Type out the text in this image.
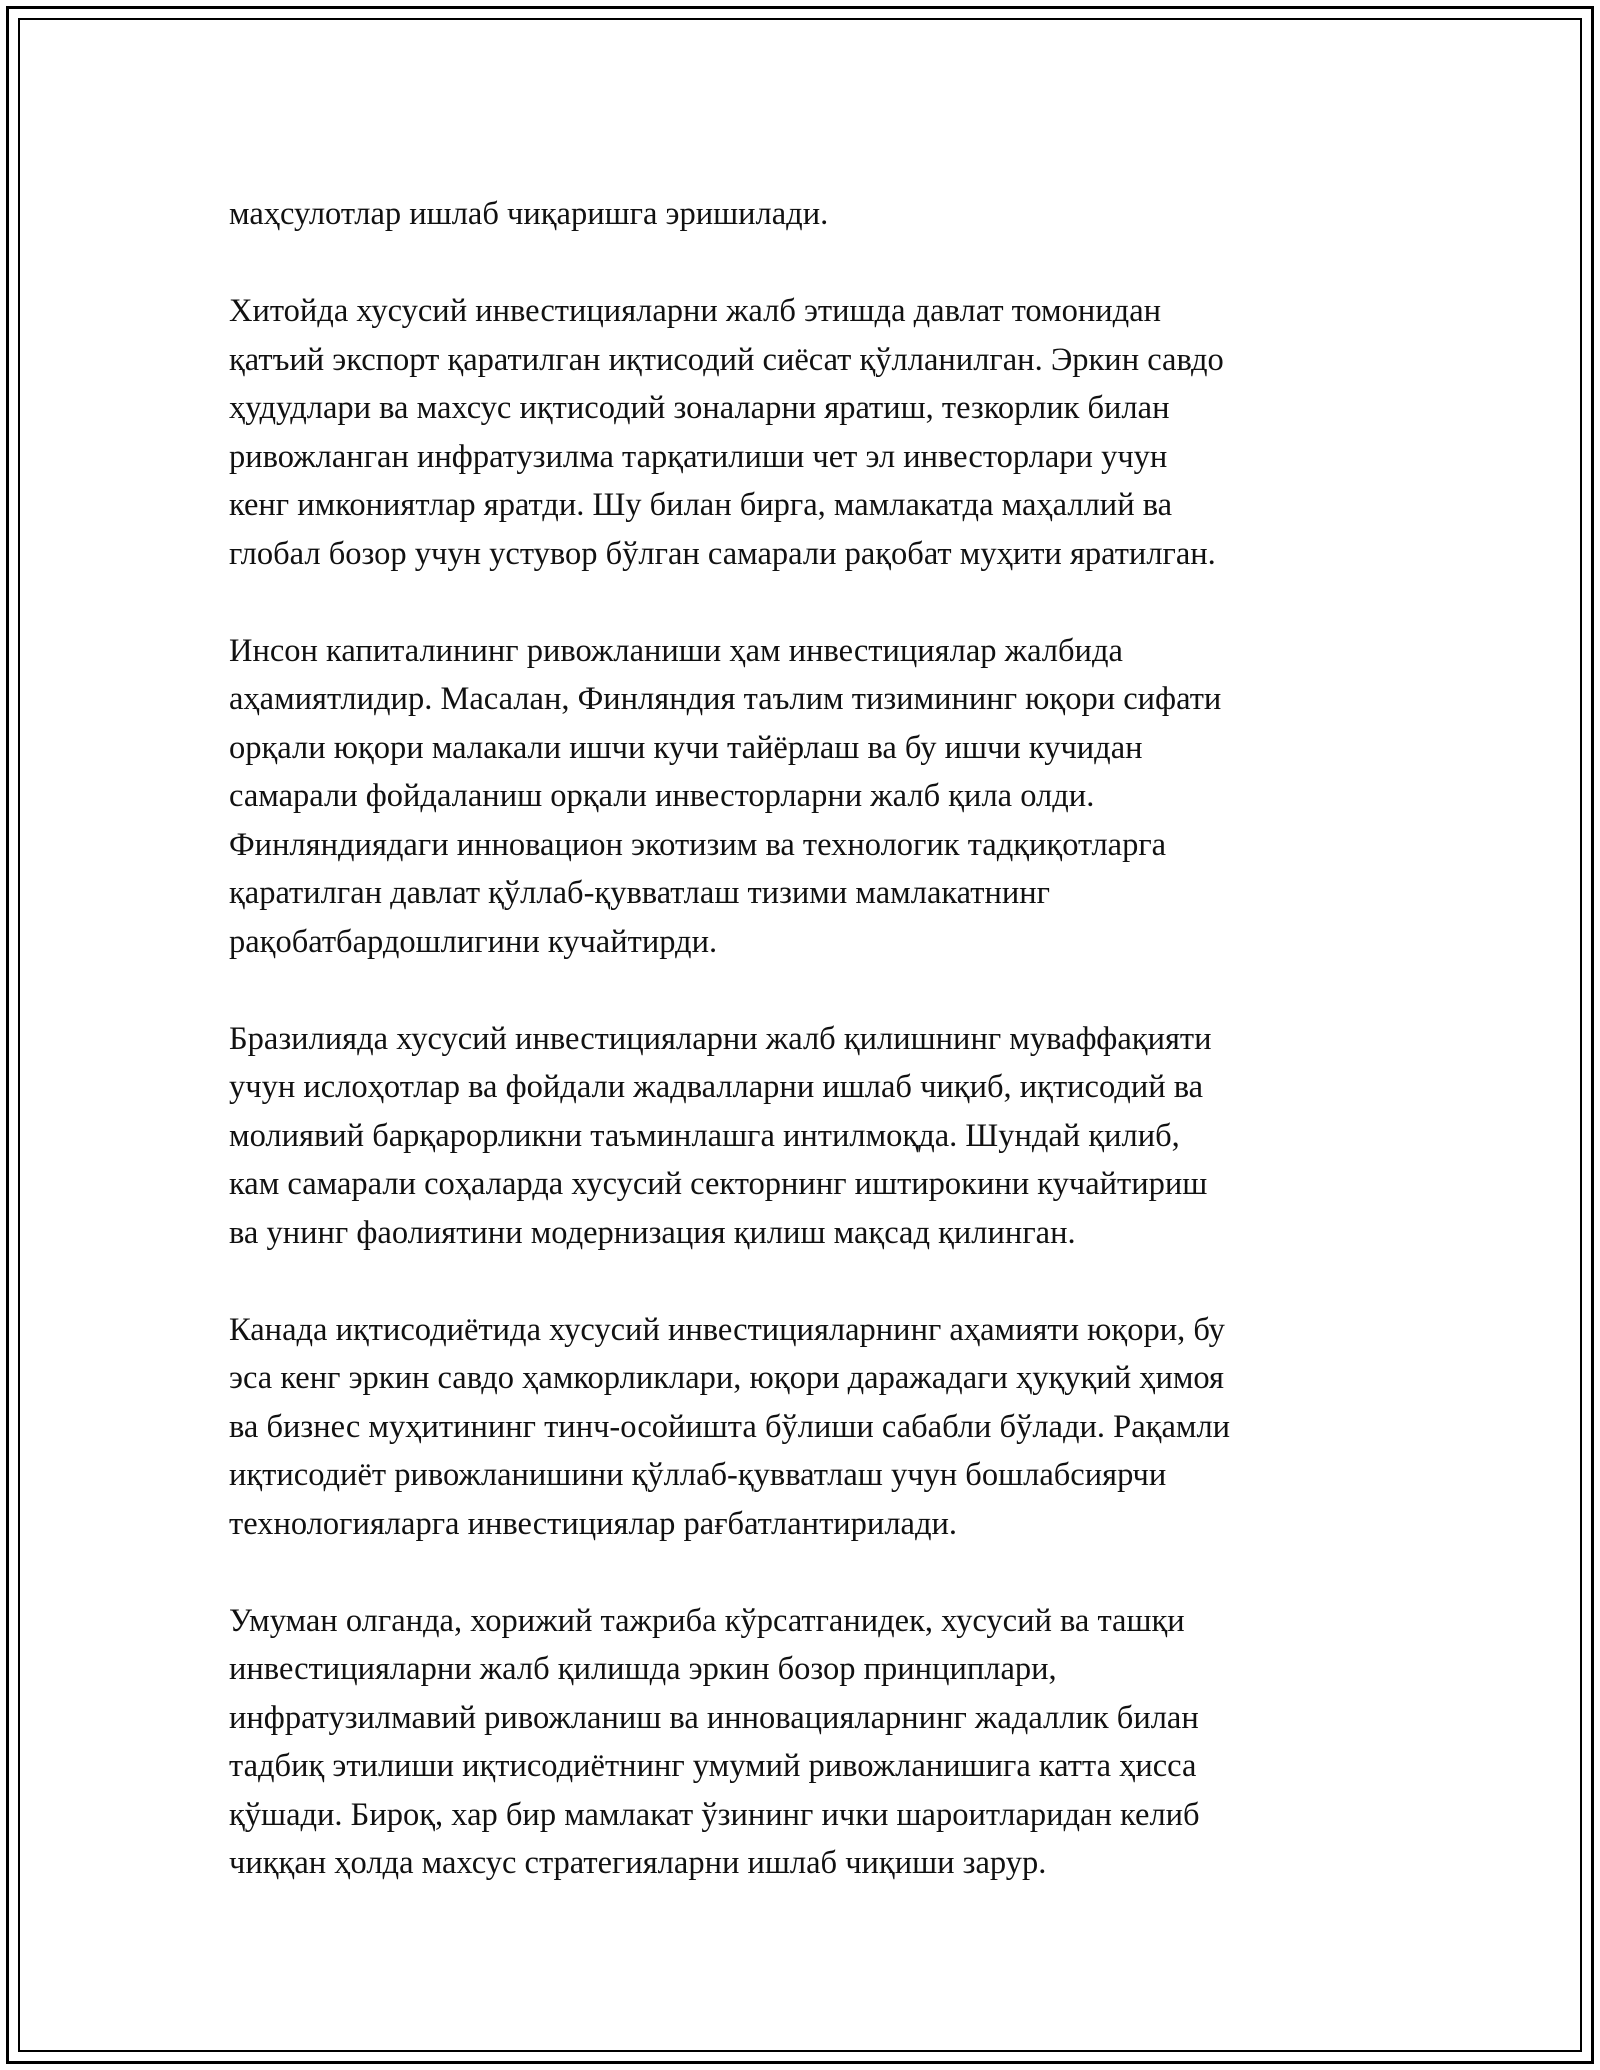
маҳсулотлар ишлаб чиқаришга эришилади.

Хитойда хусусий инвестицияларни жалб этишда давлат томонидан
қатъий экспорт қаратилган иқтисодий сиёсат қўлланилган. Эркин савдо
ҳудудлари ва махсус иқтисодий зоналарни яратиш, тезкорлик билан
ривожланган инфратузилма тарқатилиши чет эл инвесторлари учун
кенг имкониятлар яратди. Шу билан бирга, мамлакатда маҳаллий ва
глобал бозор учун устувор бўлган самарали рақобат муҳити яратилган.

Инсон капиталининг ривожланиши ҳам инвестициялар жалбида
аҳамиятлидир. Масалан, Финляндия таълим тизимининг юқори сифати
орқали юқори малакали ишчи кучи тайёрлаш ва бу ишчи кучидан
самарали фойдаланиш орқали инвесторларни жалб қила олди.
Финляндиядаги инновацион экотизим ва технологик тадқиқотларга
қаратилган давлат қўллаб-қувватлаш тизими мамлакатнинг
рақобатбардошлигини кучайтирди.

Бразилияда хусусий инвестицияларни жалб қилишнинг муваффақияти
учун ислоҳотлар ва фойдали жадвалларни ишлаб чиқиб, иқтисодий ва
молиявий барқарорликни таъминлашга интилмоқда. Шундай қилиб,
кам самарали соҳаларда хусусий секторнинг иштирокини кучайтириш
ва унинг фаолиятини модернизация қилиш мақсад қилинган.

Канада иқтисодиётида хусусий инвестицияларнинг аҳамияти юқори, бу
эса кенг эркин савдо ҳамкорликлари, юқори даражадаги ҳуқуқий ҳимоя
ва бизнес муҳитининг тинч-осойишта бўлиши сабабли бўлади. Рақамли
иқтисодиёт ривожланишини қўллаб-қувватлаш учун бошлабсиярчи
технологияларга инвестициялар рағбатлантирилади.

Умуман олганда, хорижий тажриба кўрсатганидек, хусусий ва ташқи
инвестицияларни жалб қилишда эркин бозор принциплари,
инфратузилмавий ривожланиш ва инновацияларнинг жадаллик билан
тадбиқ этилиши иқтисодиётнинг умумий ривожланишига катта ҳисса
қўшади. Бироқ, хар бир мамлакат ўзининг ички шароитларидан келиб
чиққан ҳолда махсус стратегияларни ишлаб чиқиши зарур.
